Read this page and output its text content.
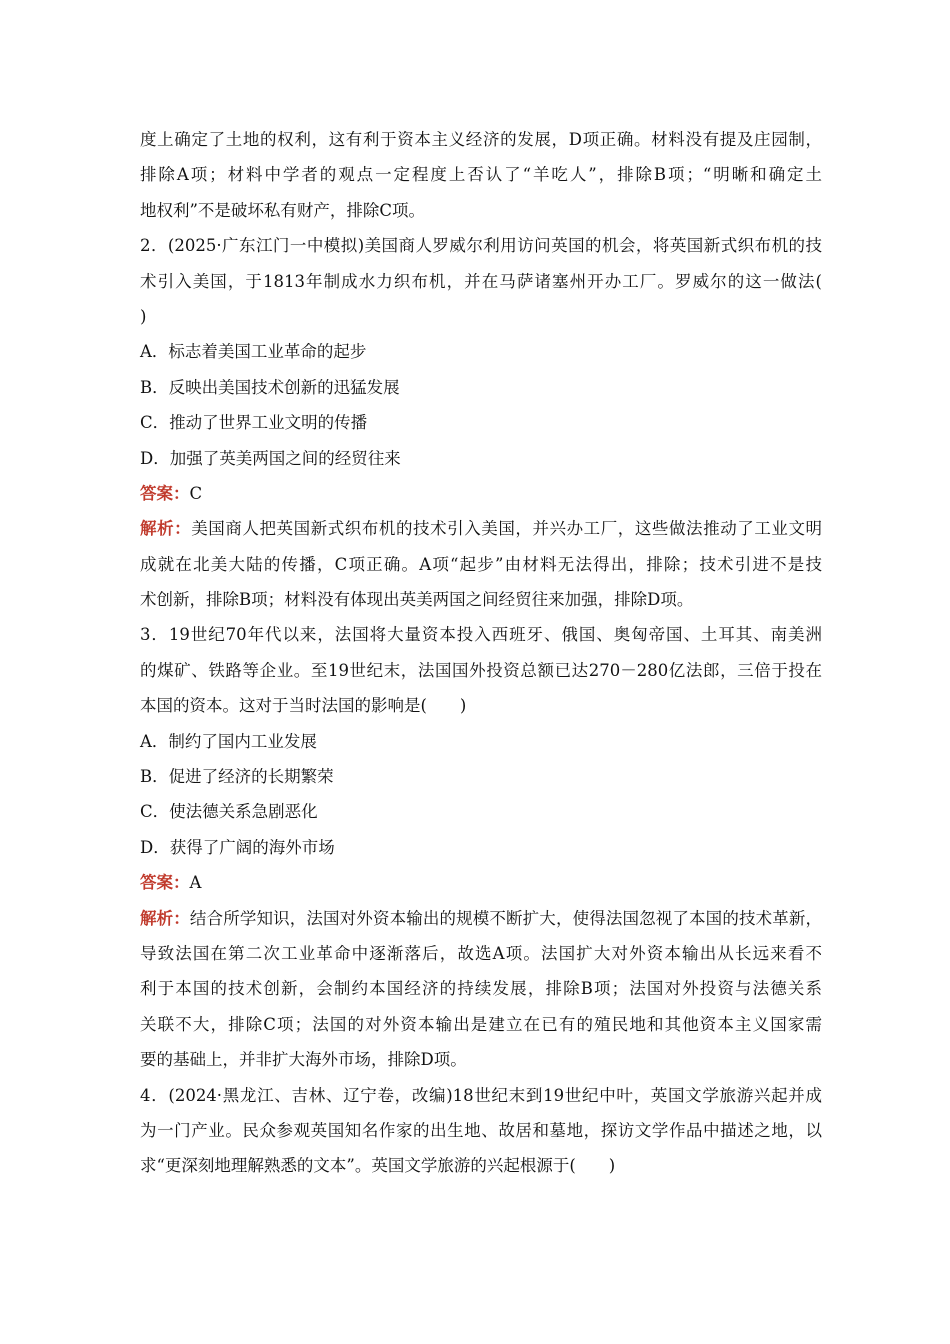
度上确定了土地的权利，这有利于资本主义经济的发展，D项正确。材料没有提及庄园制，
排除A项；材料中学者的观点一定程度上否认了“羊吃人”，排除B项；“明晰和确定土
地权利”不是破坏私有财产，排除C项。
2．(2025·广东江门一中模拟)美国商人罗威尔利用访问英国的机会，将英国新式织布机的技
术引入美国，于1813年制成水力织布机，并在马萨诸塞州开办工厂。罗威尔的这一做法(
)
A．标志着美国工业革命的起步
B．反映出美国技术创新的迅猛发展
C．推动了世界工业文明的传播
D．加强了英美两国之间的经贸往来
答案：C
解析：美国商人把英国新式织布机的技术引入美国，并兴办工厂，这些做法推动了工业文明
成就在北美大陆的传播，C项正确。A项“起步”由材料无法得出，排除；技术引进不是技
术创新，排除B项；材料没有体现出英美两国之间经贸往来加强，排除D项。
3．19世纪70年代以来，法国将大量资本投入西班牙、俄国、奥匈帝国、土耳其、南美洲
的煤矿、铁路等企业。至19世纪末，法国国外投资总额已达270－280亿法郎，三倍于投在
本国的资本。这对于当时法国的影响是(　　)
A．制约了国内工业发展
B．促进了经济的长期繁荣
C．使法德关系急剧恶化
D．获得了广阔的海外市场
答案：A
解析：结合所学知识，法国对外资本输出的规模不断扩大，使得法国忽视了本国的技术革新，
导致法国在第二次工业革命中逐渐落后，故选A项。法国扩大对外资本输出从长远来看不
利于本国的技术创新，会制约本国经济的持续发展，排除B项；法国对外投资与法德关系
关联不大，排除C项；法国的对外资本输出是建立在已有的殖民地和其他资本主义国家需
要的基础上，并非扩大海外市场，排除D项。
4．(2024·黑龙江、吉林、辽宁卷，改编)18世纪末到19世纪中叶，英国文学旅游兴起并成
为一门产业。民众参观英国知名作家的出生地、故居和墓地，探访文学作品中描述之地，以
求“更深刻地理解熟悉的文本”。英国文学旅游的兴起根源于(　　)
